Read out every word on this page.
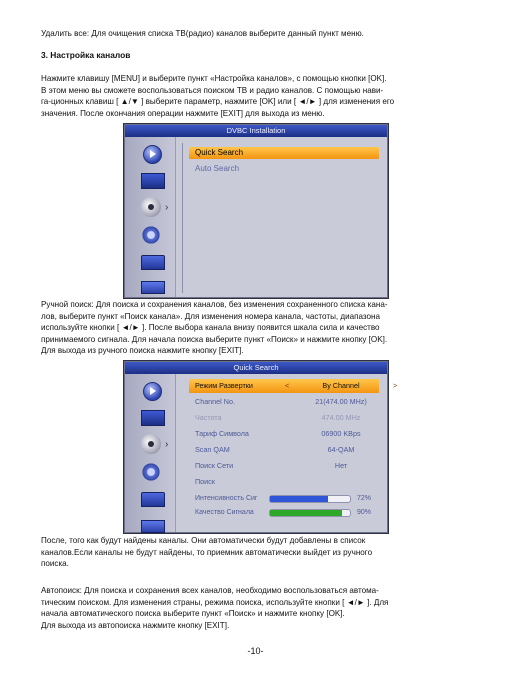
Удалить все: Для очищения списка ТВ(радио) каналов выберите данный пункт меню.

3. Настройка каналов

Нажмите клавишу [MENU] и выберите пункт «Настройка каналов», с помощью кнопки [OK].
В этом меню вы сможете воспользоваться поиском ТВ и радио каналов. С помощью нави-
га-ционных клавиш [ ▲/▼ ] выберите параметр, нажмите [OK] или [ ◄/► ] для изменения его
значения. После окончания операции нажмите [EXIT] для выхода из меню.
DVBC Installation
›
Quick Search
Auto Search
Ручной поиск: Для поиска и сохранения каналов, без изменения сохраненного списка кана-
лов, выберите пункт «Поиск канала». Для изменения номера канала, частоты, диапазона
используйте кнопки [ ◄/► ]. После выбора канала внизу появится шкала сила и качество
принимаемого сигнала. Для начала поиска выберите пункт «Поиск» и нажмите кнопку [OK].
Для выхода из ручного поиска нажмите кнопку [EXIT].
Quick Search
›
Режим Развертки	<	By Channel	>
Channel No.	21(474.00 MHz)
Частота	474.00 MHz
Тариф Символа	06900 KBps
Scan QAM	64-QAM
Поиск Сети	Нет
Поиск
Интенсивность Сиг	72%
Качество Сигнала	90%
После, того как будут найдены каналы. Они автоматически будут добавлены в список
каналов.Если каналы не будут найдены, то приемник автоматически выйдет из ручного
поиска.
Автопоиск: Для поиска и сохранения всех каналов, необходимо воспользоваться автома-
тическим поиском. Для изменения страны, режима поиска, используйте кнопки [ ◄/► ]. Для
начала автоматического поиска выберите пункт «Поиск» и нажмите кнопку [OK].
Для выхода из автопоиска нажмите кнопку [EXIT].
-10-
